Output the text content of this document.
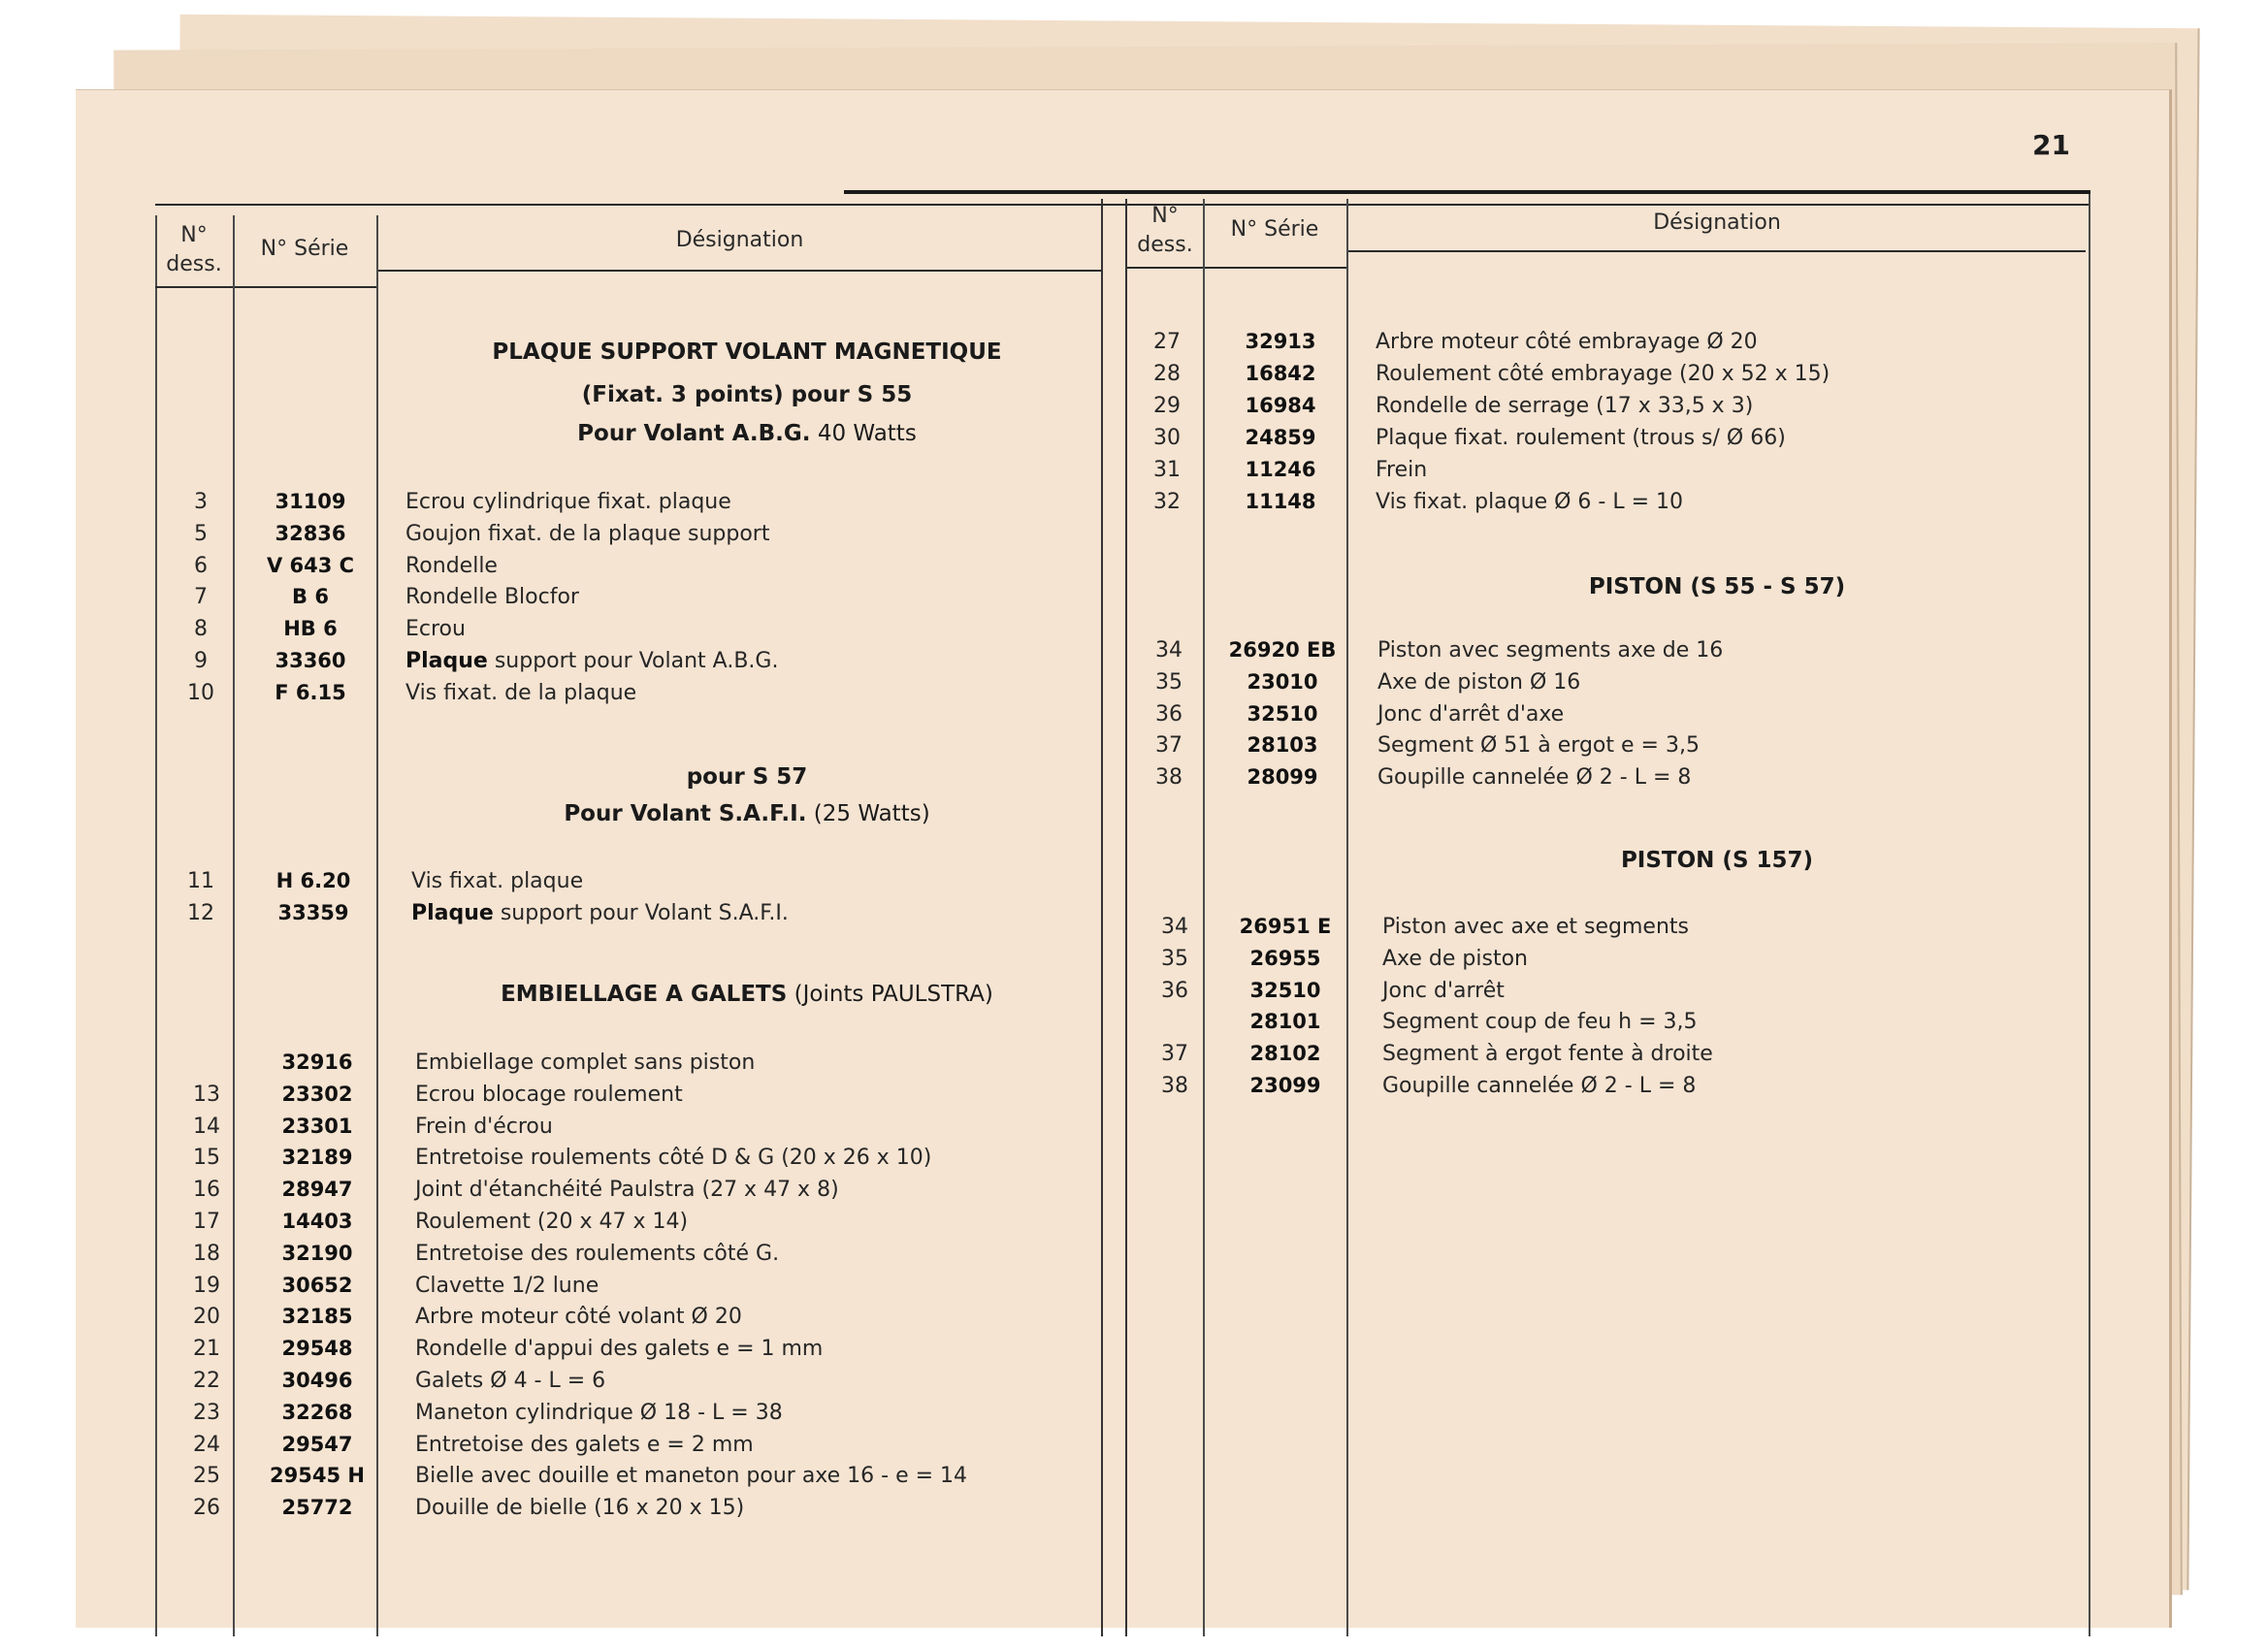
21
N°
dess.
N° Série	Désignation
N°
dess.
N° Série	Désignation
PLAQUE SUPPORT VOLANT MAGNETIQUE
(Fixat. 3 points) pour S 55
Pour Volant A.B.G. 40 Watts
3	31109	Ecrou cylindrique fixat. plaque
5	32836	Goujon fixat. de la plaque support
6	V 643 C	Rondelle
7	B 6	Rondelle Blocfor
8	HB 6	Ecrou
9	33360	Plaque support pour Volant A.B.G.
10	F 6.15	Vis fixat. de la plaque
pour S 57
Pour Volant S.A.F.I. (25 Watts)
11	H 6.20	Vis fixat. plaque
12	33359	Plaque support pour Volant S.A.F.I.
EMBIELLAGE A GALETS (Joints PAULSTRA)
32916	Embiellage complet sans piston
13	23302	Ecrou blocage roulement
14	23301	Frein d'écrou
15	32189	Entretoise roulements côté D & G (20 x 26 x 10)
16	28947	Joint d'étanchéité Paulstra (27 x 47 x 8)
17	14403	Roulement (20 x 47 x 14)
18	32190	Entretoise des roulements côté G.
19	30652	Clavette 1/2 lune
20	32185	Arbre moteur côté volant Ø 20
21	29548	Rondelle d'appui des galets e = 1 mm
22	30496	Galets Ø 4 - L = 6
23	32268	Maneton cylindrique Ø 18 - L = 38
24	29547	Entretoise des galets e = 2 mm
25	29545 H	Bielle avec douille et maneton pour axe 16 - e = 14
26	25772	Douille de bielle (16 x 20 x 15)
27	32913	Arbre moteur côté embrayage Ø 20
28	16842	Roulement côté embrayage (20 x 52 x 15)
29	16984	Rondelle de serrage (17 x 33,5 x 3)
30	24859	Plaque fixat. roulement (trous s/ Ø 66)
31	11246	Frein
32	11148	Vis fixat. plaque Ø 6 - L = 10
PISTON (S 55 - S 57)
34	26920 EB	Piston avec segments axe de 16
35	23010	Axe de piston Ø 16
36	32510	Jonc d'arrêt d'axe
37	28103	Segment Ø 51 à ergot e = 3,5
38	28099	Goupille cannelée Ø 2 - L = 8
PISTON (S 157)
34	26951 E	Piston avec axe et segments
35	26955	Axe de piston
36	32510	Jonc d'arrêt
28101	Segment coup de feu h = 3,5
37	28102	Segment à ergot fente à droite
38	23099	Goupille cannelée Ø 2 - L = 8
